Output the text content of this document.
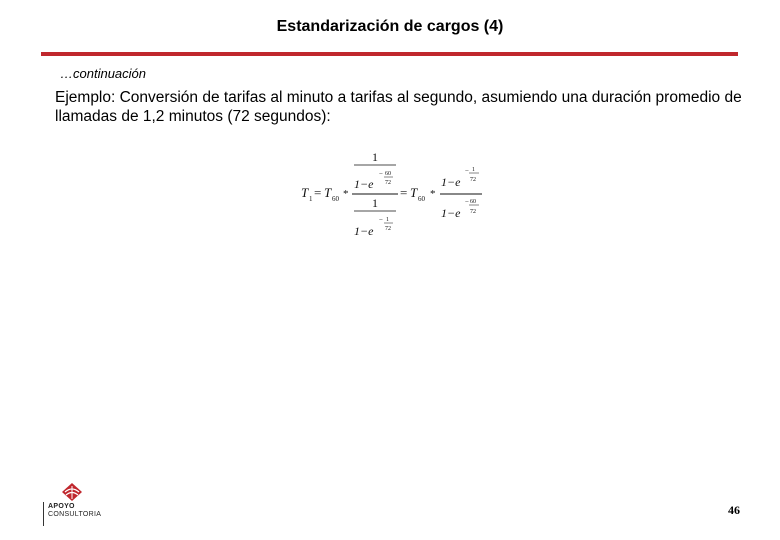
Estandarización de cargos (4)
…continuación
Ejemplo: Conversión de tarifas al minuto a tarifas al segundo, asumiendo una duración promedio de llamadas de 1,2 minutos (72 segundos):
T 1 = T 60 *
1
1−e
− 60
72
1
1−e
− 1
72
= T 60 *
1−e
− 1
72
1−e
− 60
72
APOYO
CONSULTORIA	46
